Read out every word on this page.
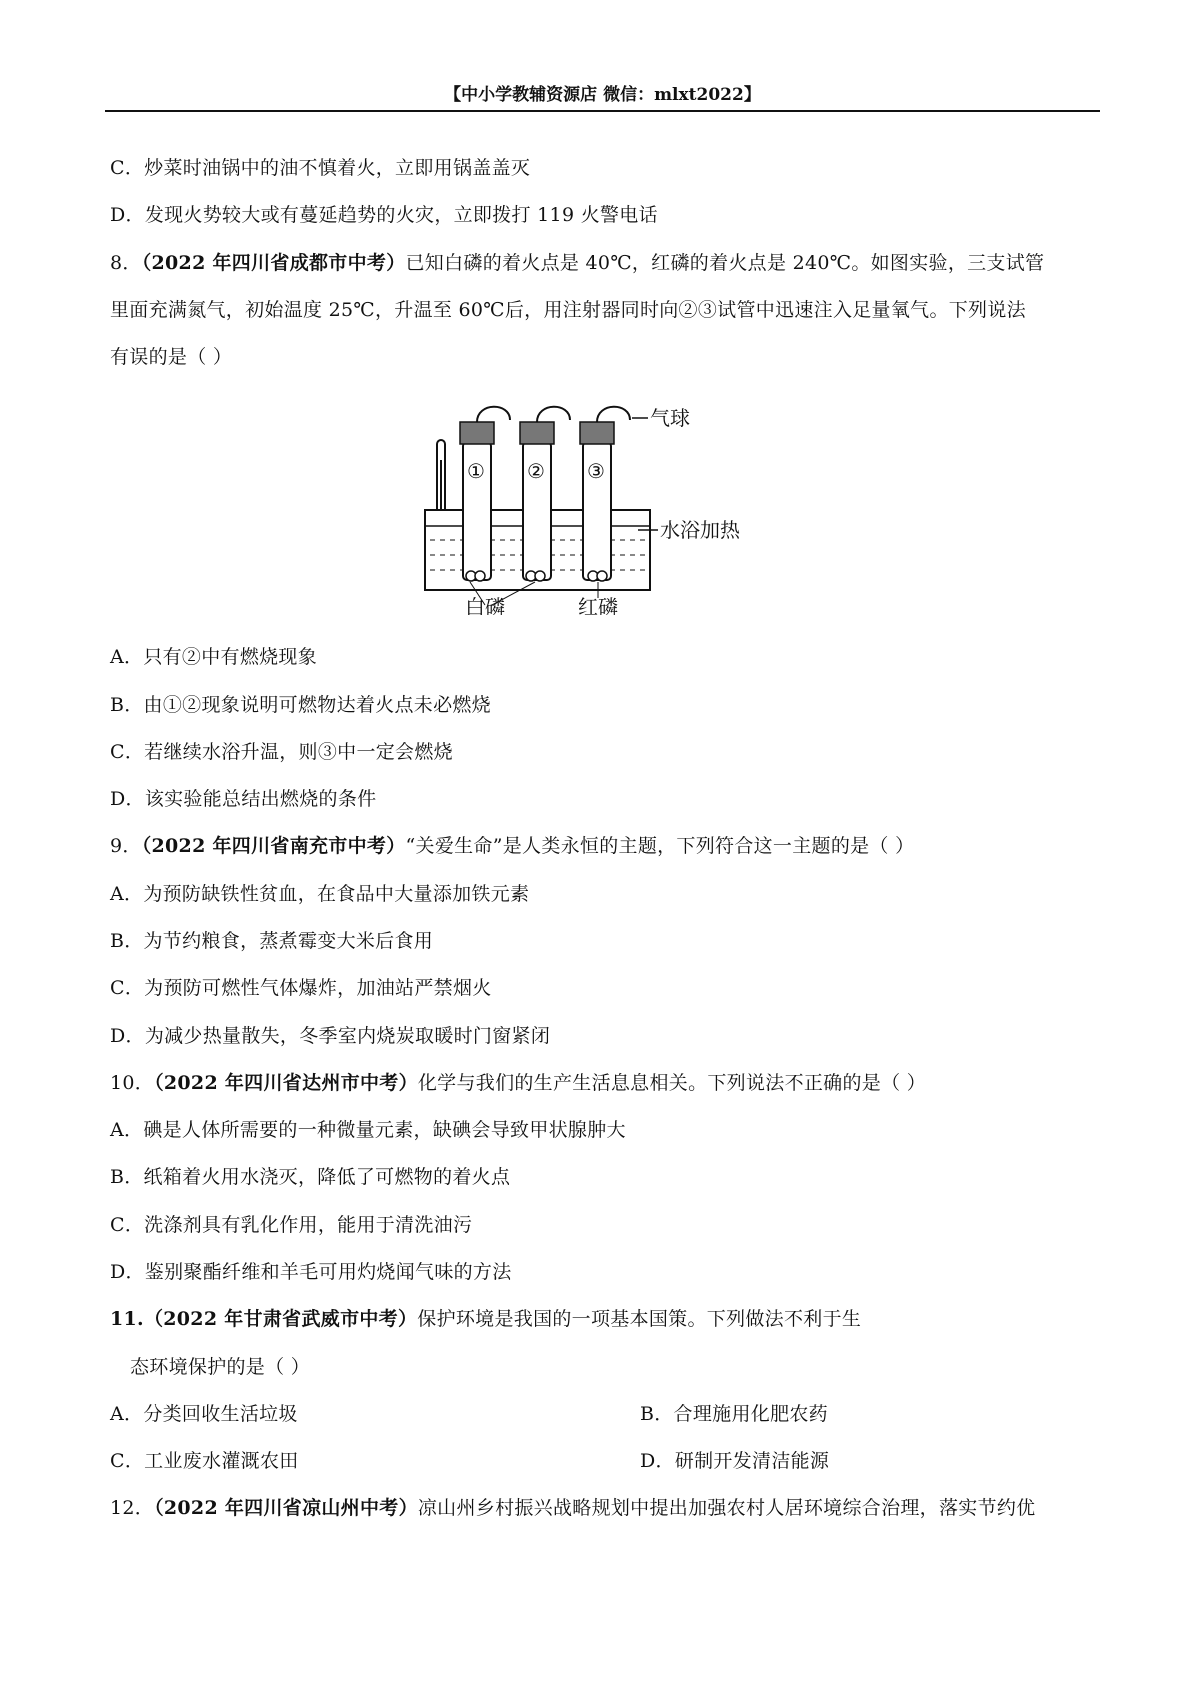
【中小学教辅资源店 微信：mlxt2022】
C．炒菜时油锅中的油不慎着火，立即用锅盖盖灭
D．发现火势较大或有蔓延趋势的火灾，立即拨打 119 火警电话
8．（2022 年四川省成都市中考）已知白磷的着火点是 40℃，红磷的着火点是 240℃。如图实验，三支试管
里面充满氮气，初始温度 25℃，升温至 60℃后，用注射器同时向②③试管中迅速注入足量氧气。下列说法
有误的是（ ）
① ② ③
气球
水浴加热
白磷	红磷
A．只有②中有燃烧现象
B．由①②现象说明可燃物达着火点未必燃烧
C．若继续水浴升温，则③中一定会燃烧
D．该实验能总结出燃烧的条件
9．（2022 年四川省南充市中考）“关爱生命”是人类永恒的主题，下列符合这一主题的是（ ）
A．为预防缺铁性贫血，在食品中大量添加铁元素
B．为节约粮食，蒸煮霉变大米后食用
C．为预防可燃性气体爆炸，加油站严禁烟火
D．为减少热量散失，冬季室内烧炭取暖时门窗紧闭
10．（2022 年四川省达州市中考）化学与我们的生产生活息息相关。下列说法不正确的是（ ）
A．碘是人体所需要的一种微量元素，缺碘会导致甲状腺肿大
B．纸箱着火用水浇灭，降低了可燃物的着火点
C．洗涤剂具有乳化作用，能用于清洗油污
D．鉴别聚酯纤维和羊毛可用灼烧闻气味的方法
11.（2022 年甘肃省武威市中考）保护环境是我国的一项基本国策。下列做法不利于生
态环境保护的是（ ）
A．分类回收生活垃圾	B．合理施用化肥农药
C．工业废水灌溉农田	D．研制开发清洁能源
12．（2022 年四川省凉山州中考）凉山州乡村振兴战略规划中提出加强农村人居环境综合治理，落实节约优
